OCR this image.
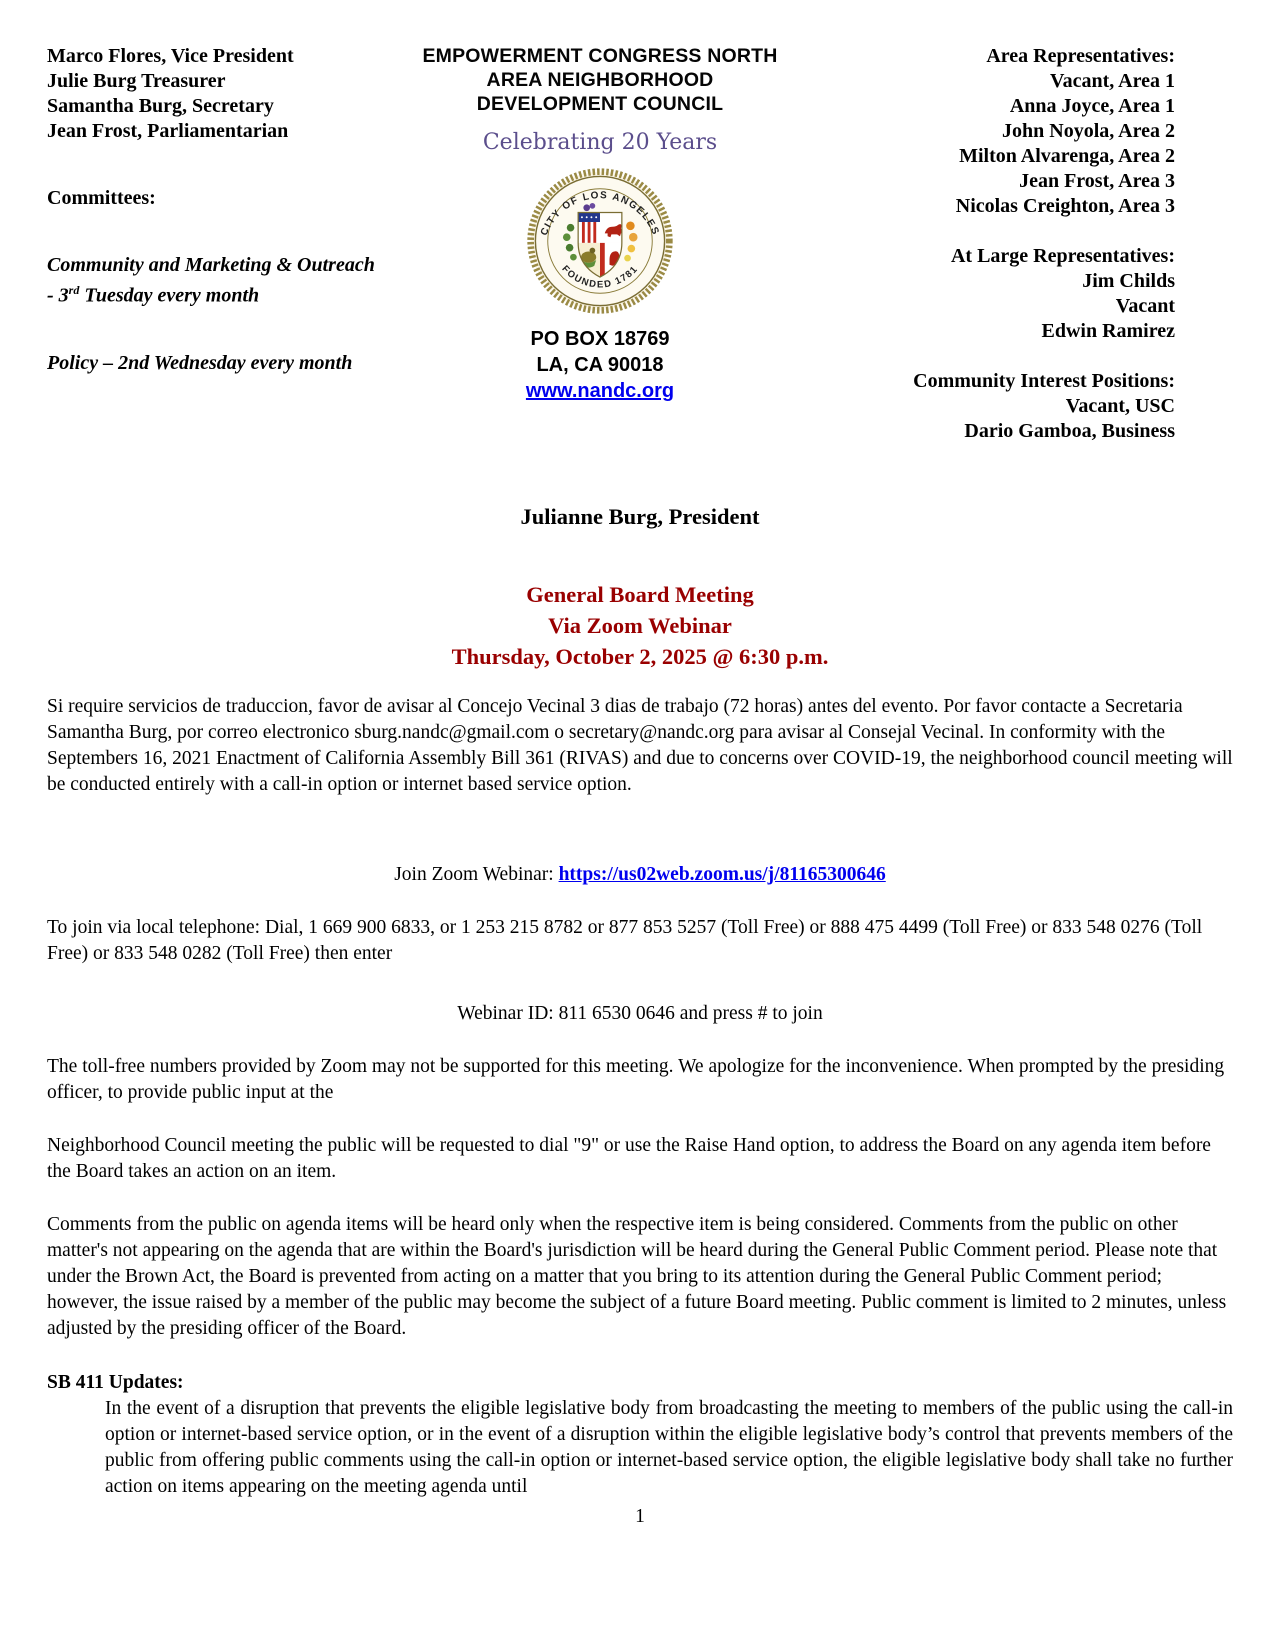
Marco Flores, Vice President
Julie Burg Treasurer
Samantha Burg, Secretary
Jean Frost, Parliamentarian
Committees:
Community and Marketing & Outreach - 3rd Tuesday every month
Policy – 2nd Wednesday every month
EMPOWERMENT CONGRESS NORTH
AREA NEIGHBORHOOD
DEVELOPMENT COUNCIL
Celebrating 20 Years
CITY OF LOS ANGELES
FOUNDED 1781
PO BOX 18769
LA, CA 90018
www.nandc.org
Area Representatives:
Vacant, Area 1
Anna Joyce, Area 1
John Noyola, Area 2
Milton Alvarenga, Area 2
Jean Frost, Area 3
Nicolas Creighton, Area 3
At Large Representatives:
Jim Childs
Vacant
Edwin Ramirez
Community Interest Positions:
Vacant, USC
Dario Gamboa, Business
Julianne Burg, President
General Board Meeting
Via Zoom Webinar
Thursday, October 2, 2025 @ 6:30 p.m.

Si require servicios de traduccion, favor de avisar al Concejo Vecinal 3 dias de trabajo (72 horas) antes del evento. Por favor contacte a Secretaria Samantha Burg, por correo electronico sburg.nandc@gmail.com o secretary@nandc.org para avisar al Consejal Vecinal. In conformity with the Septembers 16, 2021 Enactment of California Assembly Bill 361 (RIVAS) and due to concerns over COVID-19, the neighborhood council meeting will be conducted entirely with a call-in option or internet based service option.

Join Zoom Webinar: https://us02web.zoom.us/j/81165300646

To join via local telephone: Dial, 1 669 900 6833, or 1 253 215 8782 or 877 853 5257 (Toll Free) or 888 475 4499 (Toll Free) or 833 548 0276 (Toll Free) or 833 548 0282 (Toll Free) then enter

Webinar ID: 811 6530 0646 and press # to join

The toll-free numbers provided by Zoom may not be supported for this meeting. We apologize for the inconvenience. When prompted by the presiding officer, to provide public input at the

Neighborhood Council meeting the public will be requested to dial "9" or use the Raise Hand option, to address the Board on any agenda item before the Board takes an action on an item.

Comments from the public on agenda items will be heard only when the respective item is being considered. Comments from the public on other matter's not appearing on the agenda that are within the Board's jurisdiction will be heard during the General Public Comment period. Please note that under the Brown Act, the Board is prevented from acting on a matter that you bring to its attention during the General Public Comment period; however, the issue raised by a member of the public may become the subject of a future Board meeting. Public comment is limited to 2 minutes, unless adjusted by the presiding officer of the Board.

SB 411 Updates:

In the event of a disruption that prevents the eligible legislative body from broadcasting the meeting to members of the public using the call-in option or internet-based service option, or in the event of a disruption within the eligible legislative body’s control that prevents members of the public from offering public comments using the call-in option or internet-based service option, the eligible legislative body shall take no further action on items appearing on the meeting agenda until

1
